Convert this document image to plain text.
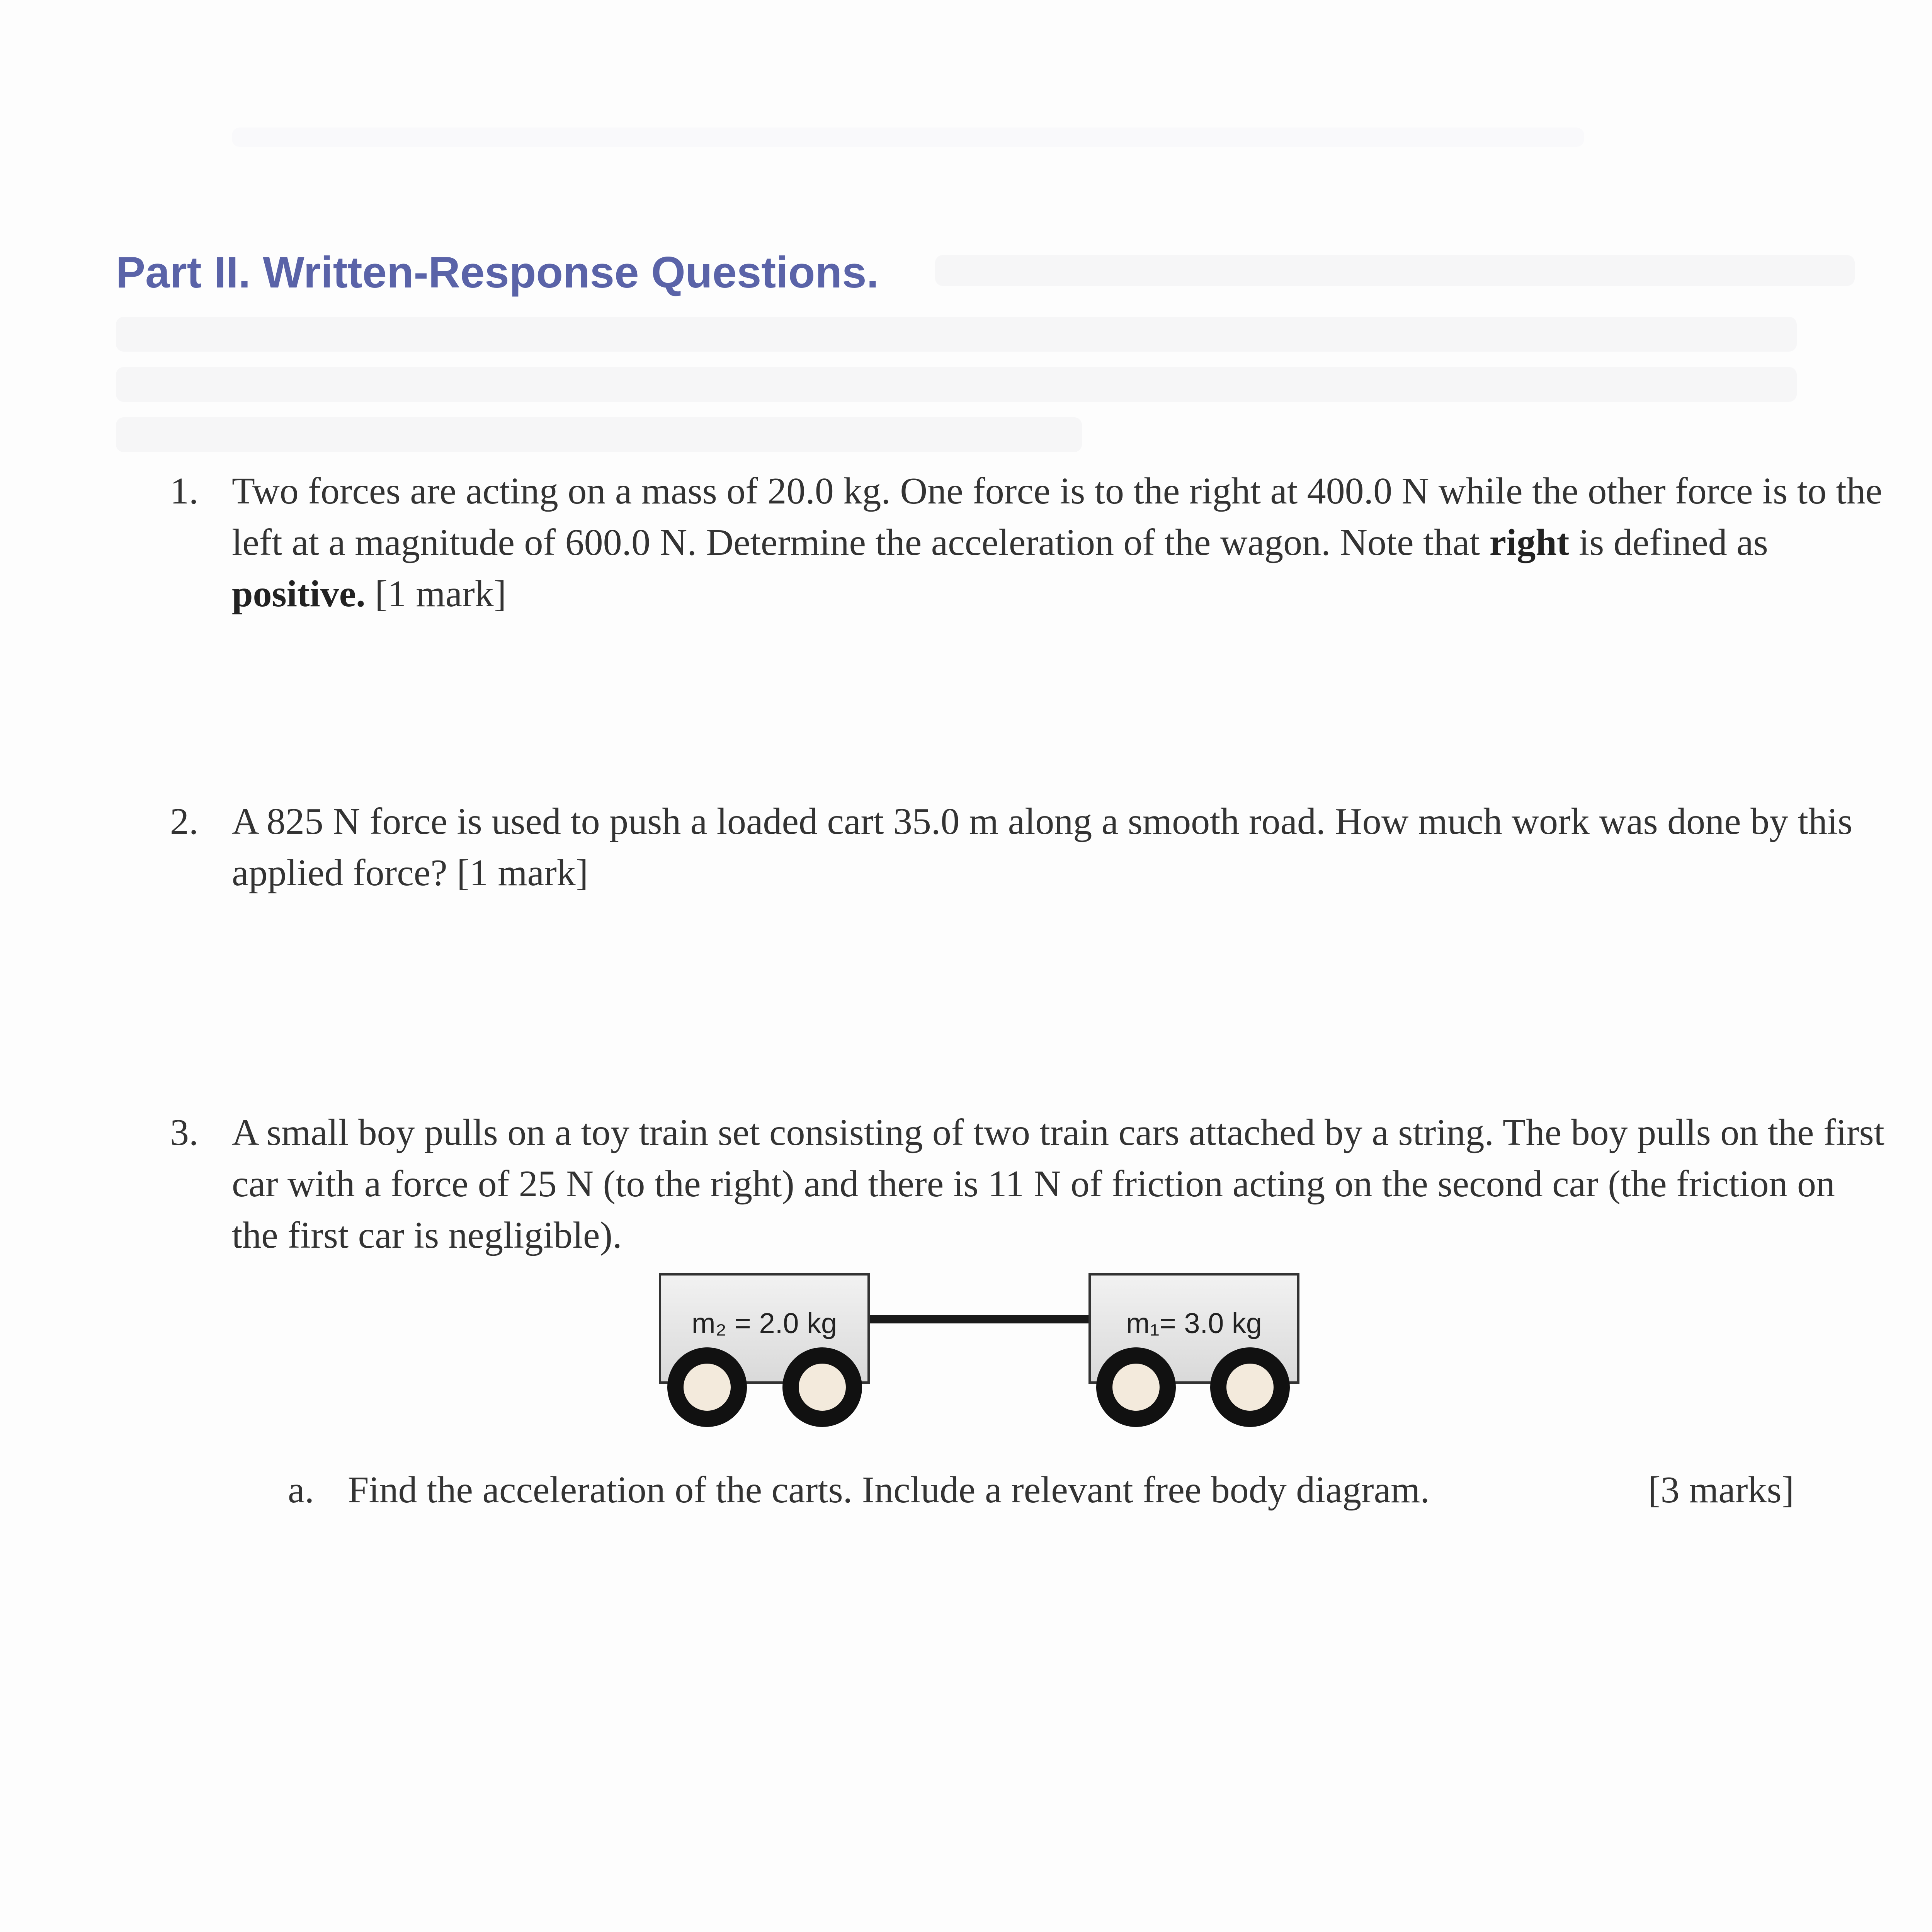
Part II. Written-Response Questions.
1. Two forces are acting on a mass of 20.0 kg. One force is to the right at 400.0 N while the other force is to the left at a magnitude of 600.0 N. Determine the acceleration of the wagon. Note that right is defined as positive. [1 mark]
2. A 825 N force is used to push a loaded cart 35.0 m along a smooth road. How much work was done by this applied force? [1 mark]
3. A small boy pulls on a toy train set consisting of two train cars attached by a string. The boy pulls on the first car with a force of 25 N (to the right) and there is 11 N of friction acting on the second car (the friction on the first car is negligible).
m₂ = 2.0 kg	m₁= 3.0 kg
a. Find the acceleration of the carts. Include a relevant free body diagram.	[3 marks]
